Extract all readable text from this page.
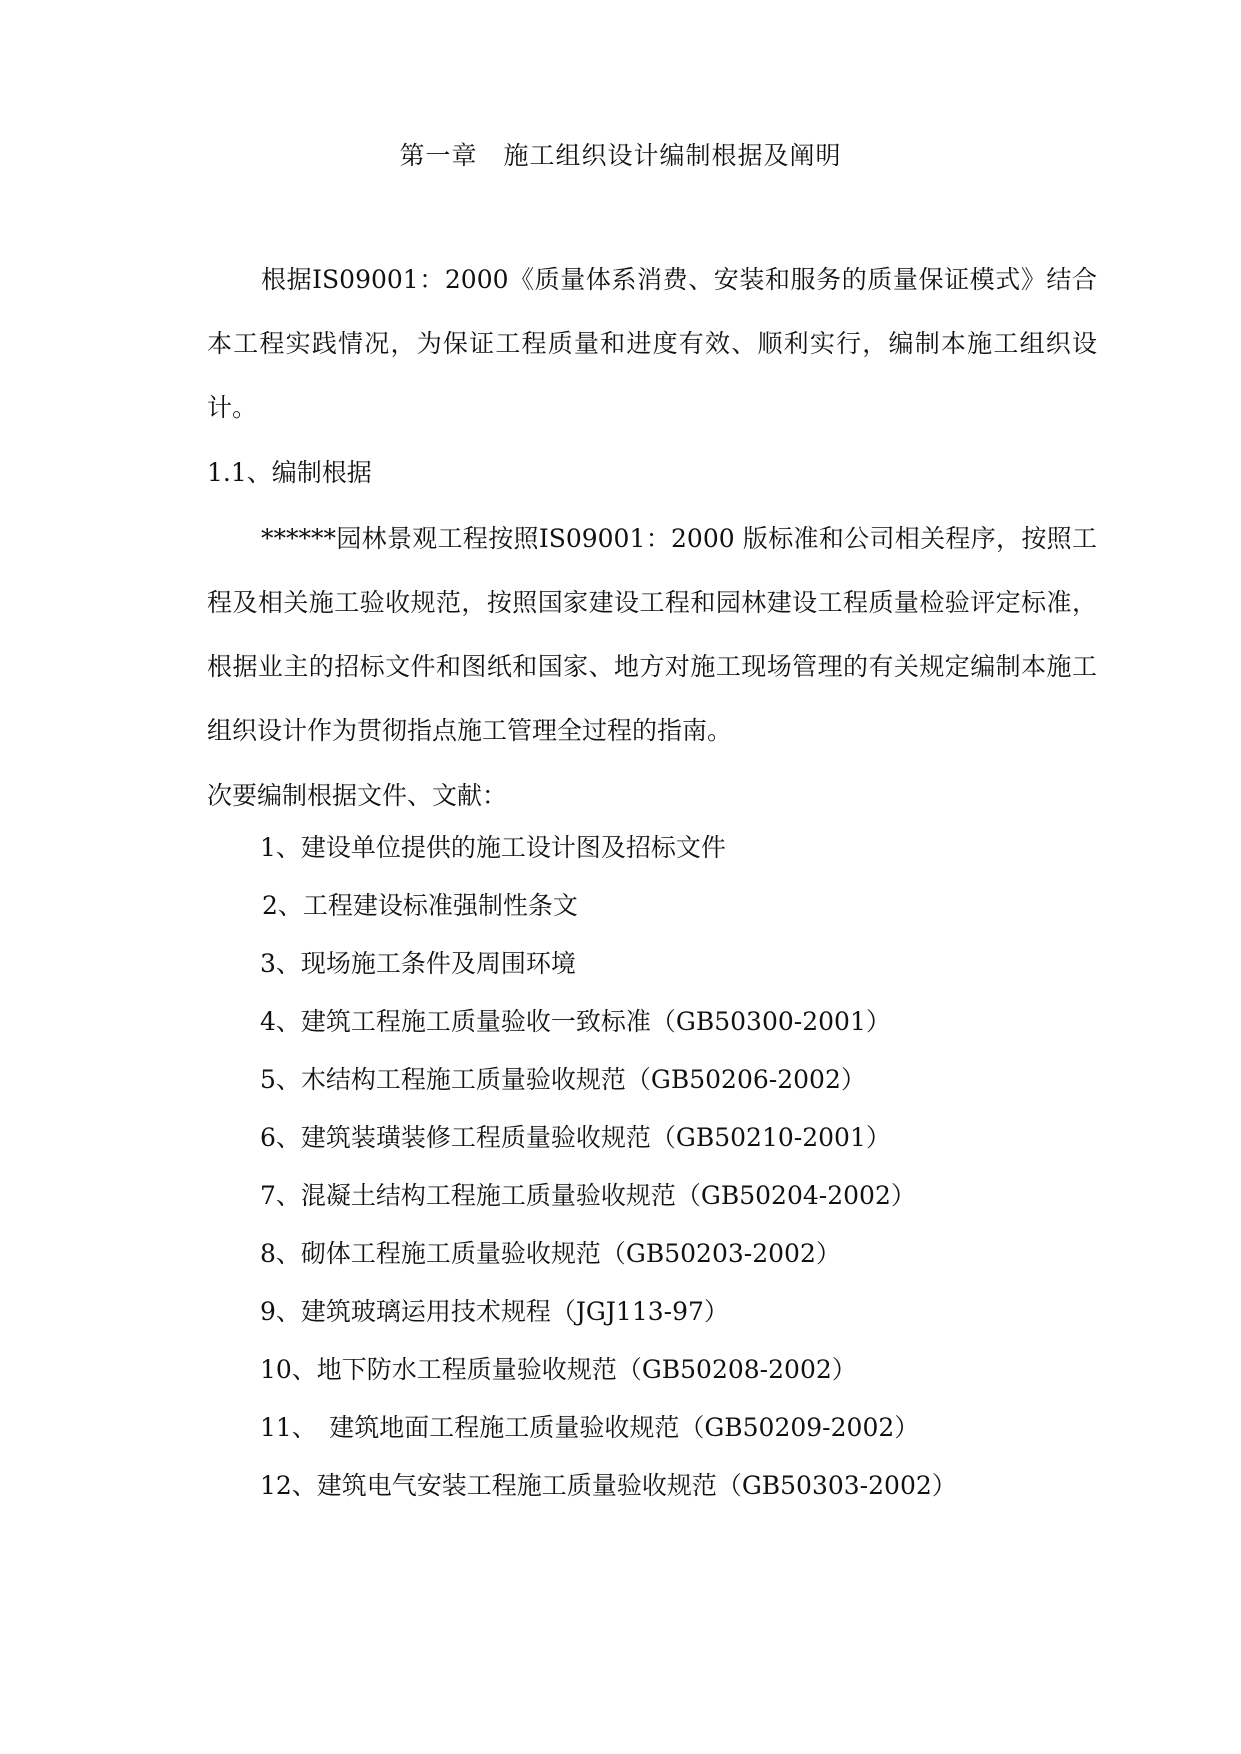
第一章　施工组织设计编制根据及阐明

根据IS09001：2000《质量体系消费、安装和服务的质量保证模式》结合本工程实践情况，为保证工程质量和进度有效、顺利实行，编制本施工组织设计。

1.1、编制根据

******园林景观工程按照IS09001：2000 版标准和公司相关程序，按照工程及相关施工验收规范，按照国家建设工程和园林建设工程质量检验评定标准，根据业主的招标文件和图纸和国家、地方对施工现场管理的有关规定编制本施工组织设计作为贯彻指点施工管理全过程的指南。

次要编制根据文件、文献：
1、建设单位提供的施工设计图及招标文件
2、工程建设标准强制性条文
3、现场施工条件及周围环境
4、建筑工程施工质量验收一致标准（GB50300-2001）
5、木结构工程施工质量验收规范（GB50206-2002）
6、建筑装璜装修工程质量验收规范（GB50210-2001）
7、混凝土结构工程施工质量验收规范（GB50204-2002）
8、砌体工程施工质量验收规范（GB50203-2002）
9、建筑玻璃运用技术规程（JGJ113-97）
10、地下防水工程质量验收规范（GB50208-2002）
11、　建筑地面工程施工质量验收规范（GB50209-2002）
12、建筑电气安装工程施工质量验收规范（GB50303-2002）
